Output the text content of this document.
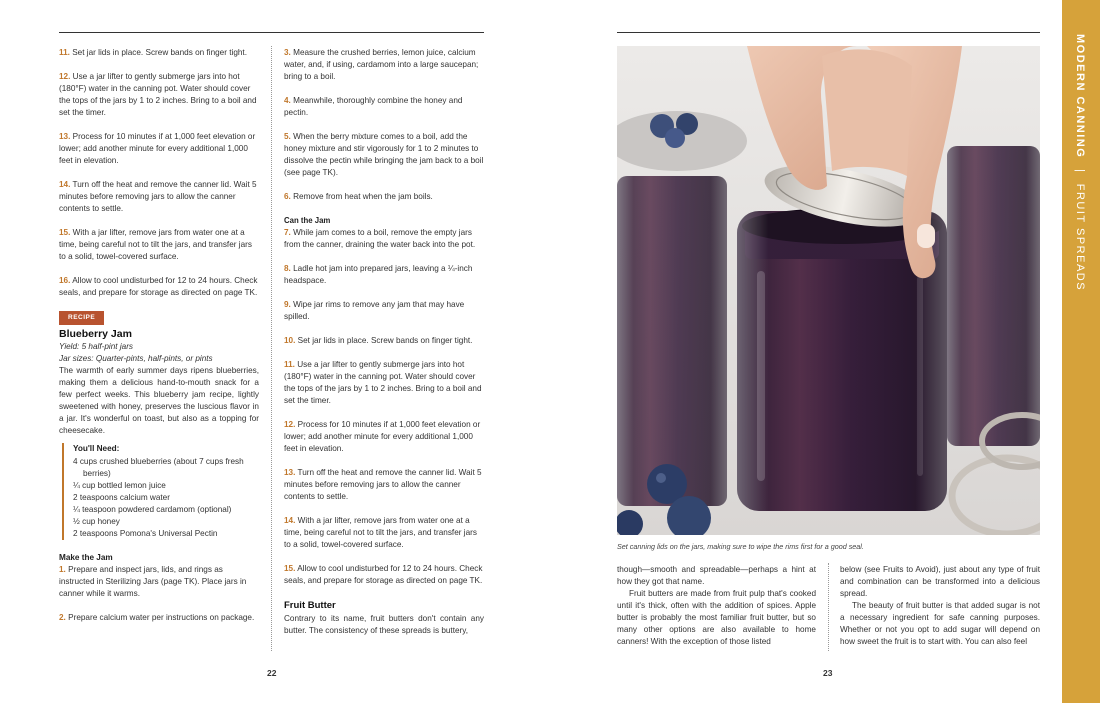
11. Set jar lids in place. Screw bands on finger tight.

12. Use a jar lifter to gently submerge jars into hot (180°F) water in the canning pot. Water should cover the tops of the jars by 1 to 2 inches. Bring to a boil and set the timer.

13. Process for 10 minutes if at 1,000 feet elevation or lower; add another minute for every additional 1,000 feet in elevation.

14. Turn off the heat and remove the canner lid. Wait 5 minutes before removing jars to allow the canner contents to settle.

15. With a jar lifter, remove jars from water one at a time, being careful not to tilt the jars, and transfer jars to a solid, towel-covered surface.

16. Allow to cool undisturbed for 12 to 24 hours. Check seals, and prepare for storage as directed on page TK.

RECIPE
Blueberry Jam
Yield: 5 half-pint jars
Jar sizes: Quarter-pints, half-pints, or pints
The warmth of early summer days ripens blueberries, making them a delicious hand-to-mouth snack for a few perfect weeks. This blueberry jam recipe, lightly sweetened with honey, preserves the luscious flavor in a jar. It's wonderful on toast, but also as a topping for cheesecake.
You'll Need:
4 cups crushed blueberries (about 7 cups fresh
berries)
¼ cup bottled lemon juice
2 teaspoons calcium water
¼ teaspoon powdered cardamom (optional)
½ cup honey
2 teaspoons Pomona's Universal Pectin
Make the Jam

1. Prepare and inspect jars, lids, and rings as instructed in Sterilizing Jars (page TK). Place jars in canner while it warms.

2. Prepare calcium water per instructions on package.

3. Measure the crushed berries, lemon juice, calcium water, and, if using, cardamom into a large saucepan; bring to a boil.

4. Meanwhile, thoroughly combine the honey and pectin.

5. When the berry mixture comes to a boil, add the honey mixture and stir vigorously for 1 to 2 minutes to dissolve the pectin while bringing the jam back to a boil (see page TK).

6. Remove from heat when the jam boils.

Can the Jam

7. While jam comes to a boil, remove the empty jars from the canner, draining the water back into the pot.

8. Ladle hot jam into prepared jars, leaving a ¼-inch headspace.

9. Wipe jar rims to remove any jam that may have spilled.

10. Set jar lids in place. Screw bands on finger tight.

11. Use a jar lifter to gently submerge jars into hot (180°F) water in the canning pot. Water should cover the tops of the jars by 1 to 2 inches. Bring to a boil and set the timer.

12. Process for 10 minutes if at 1,000 feet elevation or lower; add another minute for every additional 1,000 feet in elevation.

13. Turn off the heat and remove the canner lid. Wait 5 minutes before removing jars to allow the canner contents to settle.

14. With a jar lifter, remove jars from water one at a time, being careful not to tilt the jars, and transfer jars to a solid, towel-covered surface.

15. Allow to cool undisturbed for 12 to 24 hours. Check seals, and prepare for storage as directed on page TK.

Fruit Butter
Contrary to its name, fruit butters don't contain any butter. The consistency of these spreads is buttery,
22
Set canning lids on the jars, making sure to wipe the rims first for a good seal.

though—smooth and spreadable—perhaps a hint at how they got that name.

Fruit butters are made from fruit pulp that's cooked until it's thick, often with the addition of spices. Apple butter is probably the most familiar fruit butter, but so many other options are also available to home canners! With the exception of those listed

below (see Fruits to Avoid), just about any type of fruit and combination can be transformed into a delicious spread.

The beauty of fruit butter is that added sugar is not a necessary ingredient for safe canning purposes. Whether or not you opt to add sugar will depend on how sweet the fruit is to start with. You can also feel

23
MODERN CANNING | FRUIT SPREADS
